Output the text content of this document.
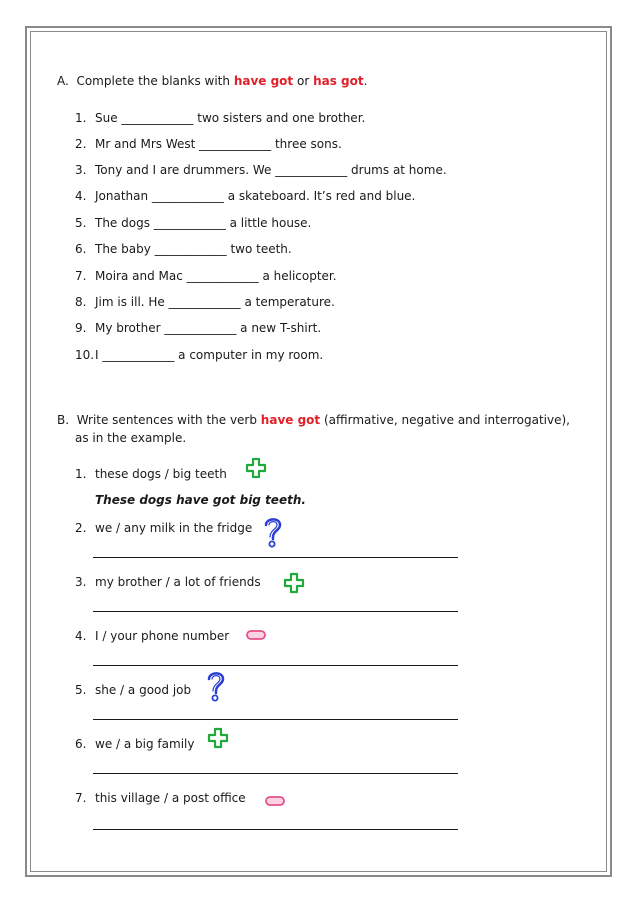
A. Complete the blanks with have got or has got.
1. Sue ____________ two sisters and one brother.
2. Mr and Mrs West ____________ three sons.
3. Tony and I are drummers. We ____________ drums at home.
4. Jonathan ____________ a skateboard. It’s red and blue.
5. The dogs ____________ a little house.
6. The baby ____________ two teeth.
7. Moira and Mac ____________ a helicopter.
8. Jim is ill. He ____________ a temperature.
9. My brother ____________ a new T-shirt.
10. I ____________ a computer in my room.
B. Write sentences with the verb have got (affirmative, negative and interrogative),
as in the example.
1. these dogs / big teeth
These dogs have got big teeth.
2. we / any milk in the fridge
3. my brother / a lot of friends
4. I / your phone number
5. she / a good job
6. we / a big family
7. this village / a post office
